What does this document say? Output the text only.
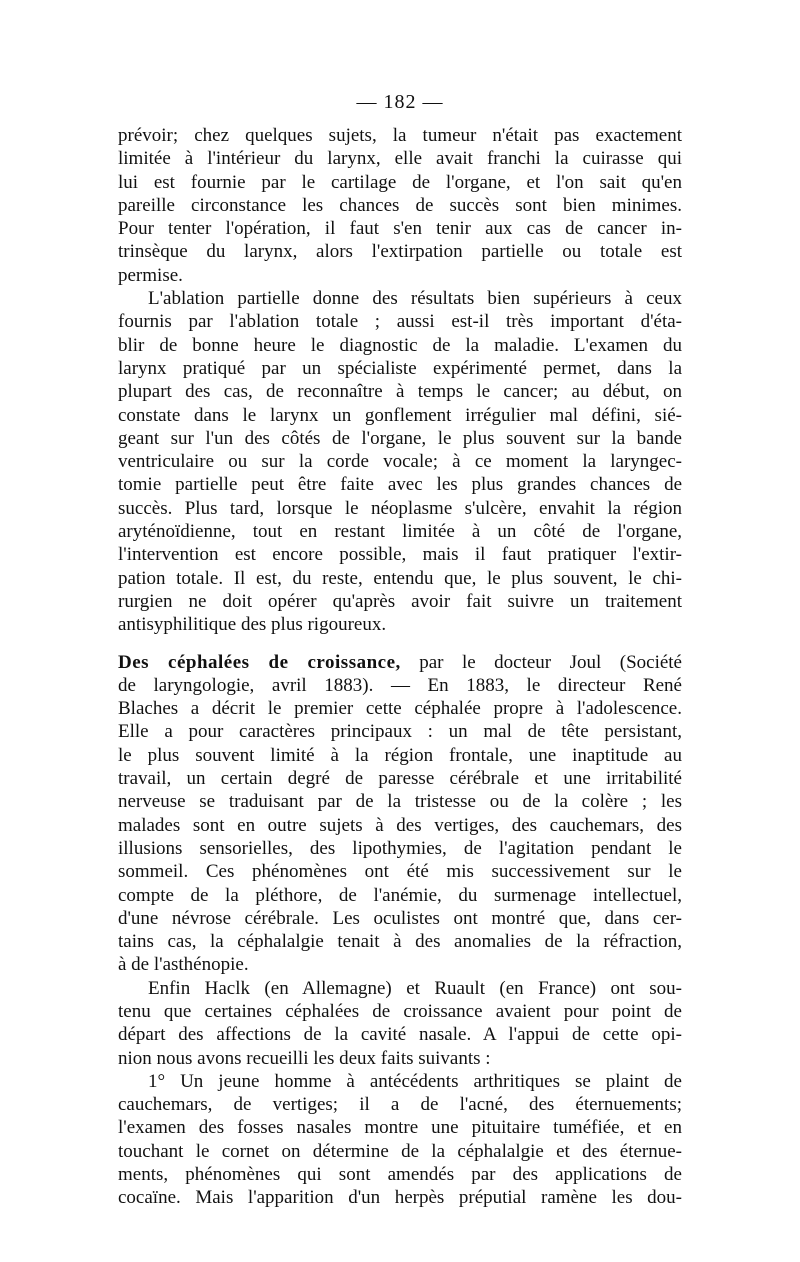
— 182 —
prévoir; chez quelques sujets, la tumeur n'était pas exactement
limitée à l'intérieur du larynx, elle avait franchi la cuirasse qui
lui est fournie par le cartilage de l'organe, et l'on sait qu'en
pareille circonstance les chances de succès sont bien minimes.
Pour tenter l'opération, il faut s'en tenir aux cas de cancer in-
trinsèque du larynx, alors l'extirpation partielle ou totale est
permise.
L'ablation partielle donne des résultats bien supérieurs à ceux
fournis par l'ablation totale ; aussi est-il très important d'éta-
blir de bonne heure le diagnostic de la maladie. L'examen du
larynx pratiqué par un spécialiste expérimenté permet, dans la
plupart des cas, de reconnaître à temps le cancer; au début, on
constate dans le larynx un gonflement irrégulier mal défini, sié-
geant sur l'un des côtés de l'organe, le plus souvent sur la bande
ventriculaire ou sur la corde vocale; à ce moment la laryngec-
tomie partielle peut être faite avec les plus grandes chances de
succès. Plus tard, lorsque le néoplasme s'ulcère, envahit la région
aryténoïdienne, tout en restant limitée à un côté de l'organe,
l'intervention est encore possible, mais il faut pratiquer l'extir-
pation totale. Il est, du reste, entendu que, le plus souvent, le chi-
rurgien ne doit opérer qu'après avoir fait suivre un traitement
antisyphilitique des plus rigoureux.
Des céphalées de croissance, par le docteur Joul (Société
de laryngologie, avril 1883). — En 1883, le directeur René
Blaches a décrit le premier cette céphalée propre à l'adolescence.
Elle a pour caractères principaux : un mal de tête persistant,
le plus souvent limité à la région frontale, une inaptitude au
travail, un certain degré de paresse cérébrale et une irritabilité
nerveuse se traduisant par de la tristesse ou de la colère ; les
malades sont en outre sujets à des vertiges, des cauchemars, des
illusions sensorielles, des lipothymies, de l'agitation pendant le
sommeil. Ces phénomènes ont été mis successivement sur le
compte de la pléthore, de l'anémie, du surmenage intellectuel,
d'une névrose cérébrale. Les oculistes ont montré que, dans cer-
tains cas, la céphalalgie tenait à des anomalies de la réfraction,
à de l'asthénopie.
Enfin Haclk (en Allemagne) et Ruault (en France) ont sou-
tenu que certaines céphalées de croissance avaient pour point de
départ des affections de la cavité nasale. A l'appui de cette opi-
nion nous avons recueilli les deux faits suivants :
1° Un jeune homme à antécédents arthritiques se plaint de
cauchemars, de vertiges; il a de l'acné, des éternuements;
l'examen des fosses nasales montre une pituitaire tuméfiée, et en
touchant le cornet on détermine de la céphalalgie et des éternue-
ments, phénomènes qui sont amendés par des applications de
cocaïne. Mais l'apparition d'un herpès préputial ramène les dou-
